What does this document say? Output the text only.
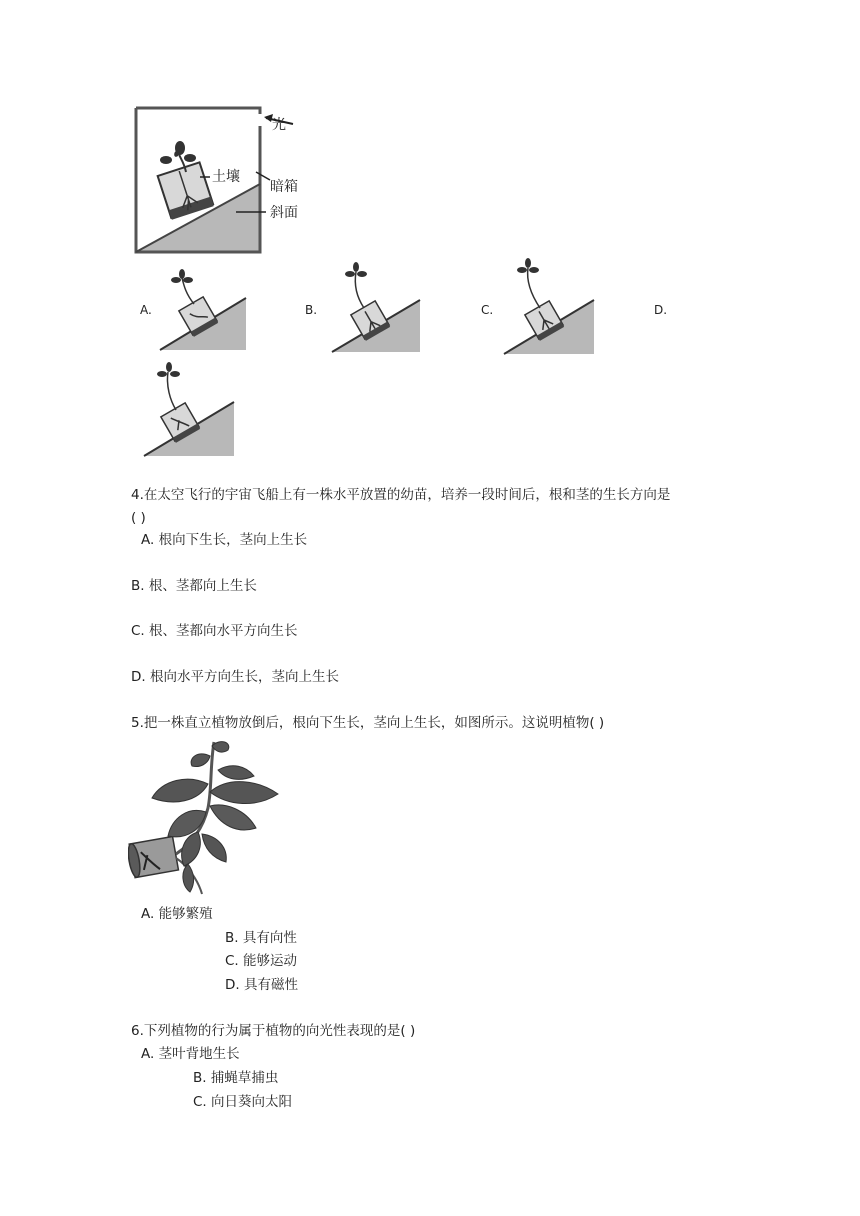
光
土壤
暗箱
斜面
A.	B.	C.	D.
4.在太空飞行的宇宙飞船上有一株水平放置的幼苗，培养一段时间后，根和茎的生长方向是
( )
A. 根向下生长，茎向上生长
B. 根、茎都向上生长
C. 根、茎都向水平方向生长
D. 根向水平方向生长，茎向上生长
5.把一株直立植物放倒后，根向下生长，茎向上生长，如图所示。这说明植物( )
A. 能够繁殖
B. 具有向性
C. 能够运动
D. 具有磁性
6.下列植物的行为属于植物的向光性表现的是( )
A. 茎叶背地生长
B. 捕蝇草捕虫
C. 向日葵向太阳
